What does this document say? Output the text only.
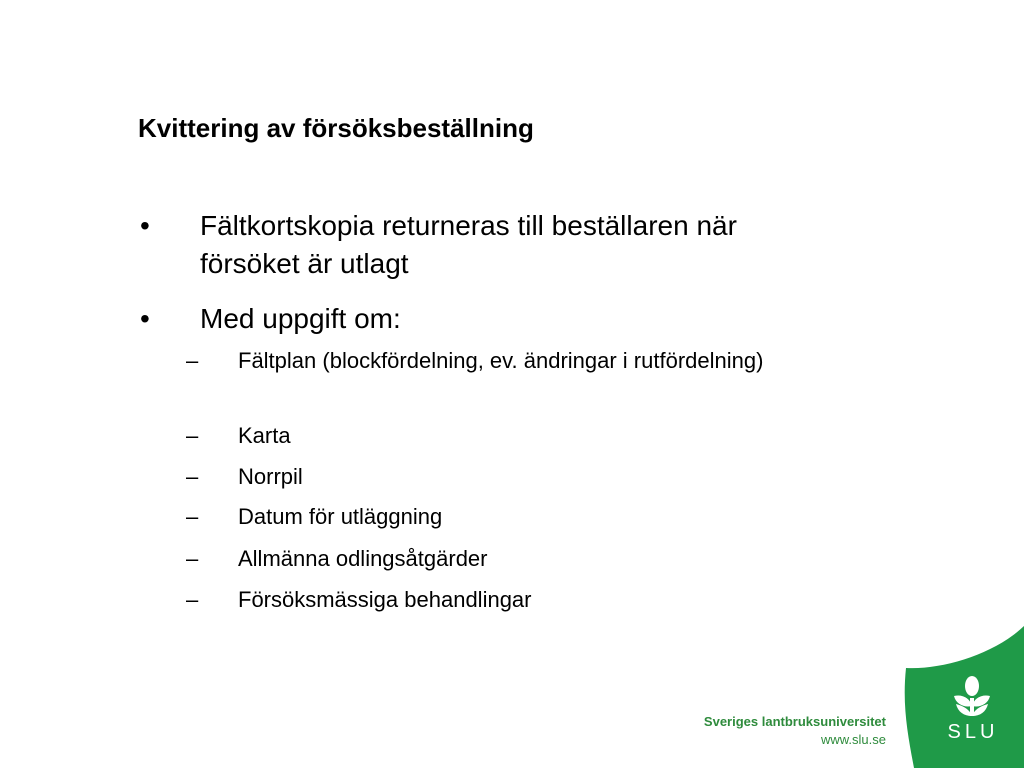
Kvittering av försöksbeställning
•	Fältkortskopia returneras till beställaren när försöket är utlagt
•	Med uppgift om:
–	Fältplan (blockfördelning, ev. ändringar i rutfördelning)
–	Karta
–	Norrpil
–	Datum för utläggning
–	Allmänna odlingsåtgärder
–	Försöksmässiga behandlingar
Sveriges lantbruksuniversitet
www.slu.se	SLU
